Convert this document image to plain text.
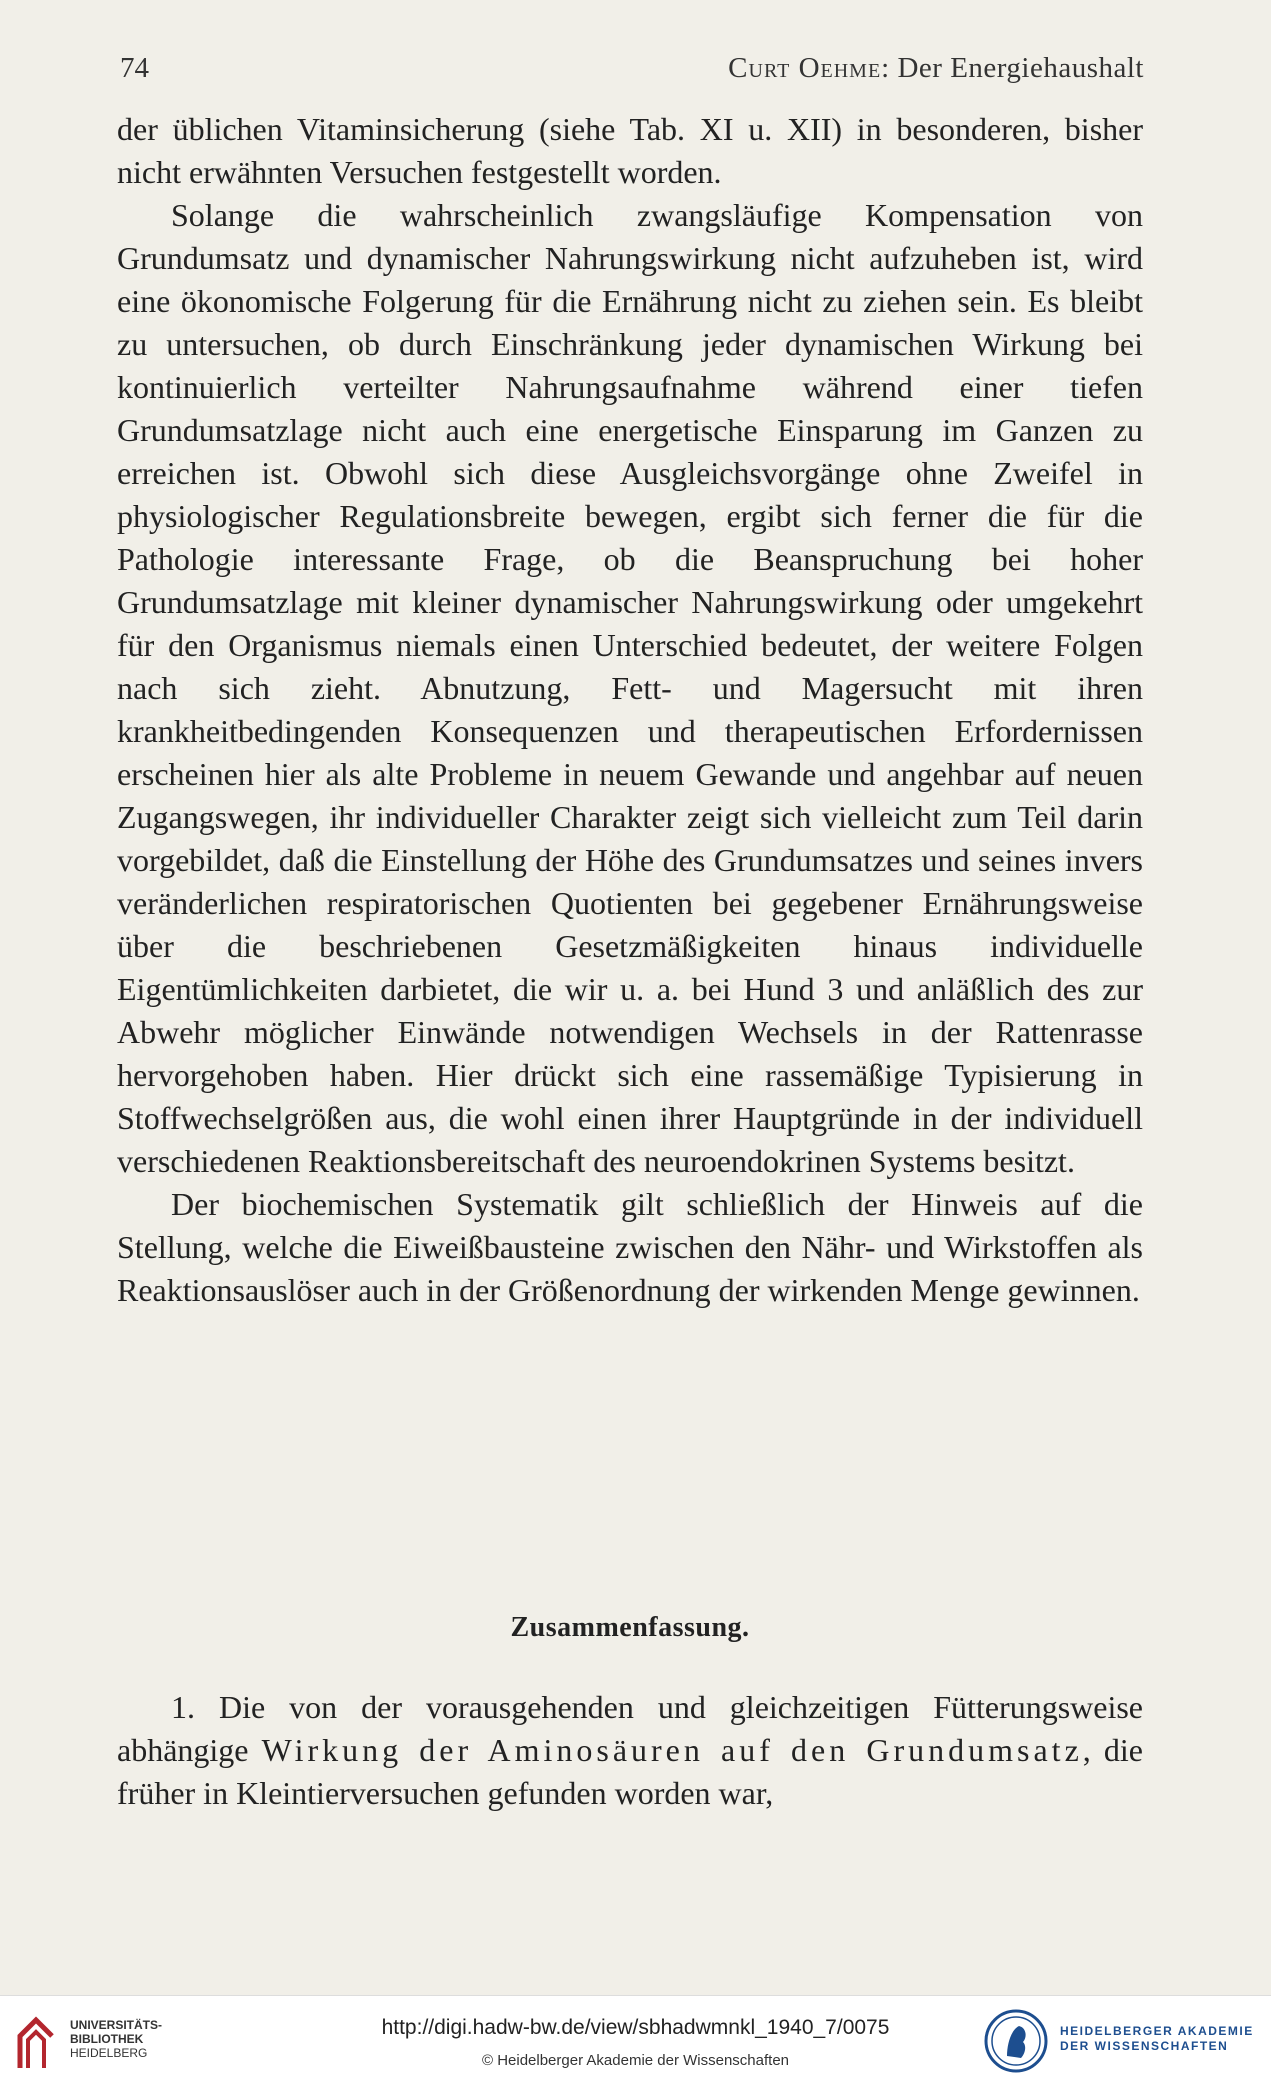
74	Curt Oehme: Der Energiehaushalt

der üblichen Vitaminsicherung (siehe Tab. XI u. XII) in besonderen, bisher nicht erwähnten Versuchen festgestellt worden.

Solange die wahrscheinlich zwangsläufige Kompensation von Grundumsatz und dynamischer Nahrungswirkung nicht aufzuheben ist, wird eine ökonomische Folgerung für die Ernährung nicht zu ziehen sein. Es bleibt zu untersuchen, ob durch Einschränkung jeder dynamischen Wirkung bei kontinuierlich verteilter Nahrungsaufnahme während einer tiefen Grundumsatzlage nicht auch eine energetische Einsparung im Ganzen zu erreichen ist. Obwohl sich diese Ausgleichsvorgänge ohne Zweifel in physiologischer Regulationsbreite bewegen, ergibt sich ferner die für die Pathologie interessante Frage, ob die Beanspruchung bei hoher Grundumsatzlage mit kleiner dynamischer Nahrungswirkung oder umgekehrt für den Organismus niemals einen Unterschied bedeutet, der weitere Folgen nach sich zieht. Abnutzung, Fett- und Magersucht mit ihren krankheitbedingenden Konsequenzen und therapeutischen Erfordernissen erscheinen hier als alte Probleme in neuem Gewande und angehbar auf neuen Zugangswegen, ihr individueller Charakter zeigt sich vielleicht zum Teil darin vorgebildet, daß die Einstellung der Höhe des Grundumsatzes und seines invers veränderlichen respiratorischen Quotienten bei gegebener Ernährungsweise über die beschriebenen Gesetzmäßigkeiten hinaus individuelle Eigentümlichkeiten darbietet, die wir u. a. bei Hund 3 und anläßlich des zur Abwehr möglicher Einwände notwendigen Wechsels in der Rattenrasse hervorgehoben haben. Hier drückt sich eine rassemäßige Typisierung in Stoffwechselgrößen aus, die wohl einen ihrer Hauptgründe in der individuell verschiedenen Reaktionsbereitschaft des neuroendokrinen Systems besitzt.

Der biochemischen Systematik gilt schließlich der Hinweis auf die Stellung, welche die Eiweißbausteine zwischen den Nähr- und Wirkstoffen als Reaktionsauslöser auch in der Größenordnung der wirkenden Menge gewinnen.

Zusammenfassung.

1. Die von der vorausgehenden und gleichzeitigen Fütterungsweise abhängige Wirkung der Aminosäuren auf den Grundumsatz, die früher in Kleintierversuchen gefunden worden war,

UNIVERSITÄTS-
BIBLIOTHEK
HEIDELBERG
http://digi.hadw-bw.de/view/sbhadwmnkl_1940_7/0075
© Heidelberger Akademie der Wissenschaften
HEIDELBERGER AKADEMIE
DER WISSENSCHAFTEN
